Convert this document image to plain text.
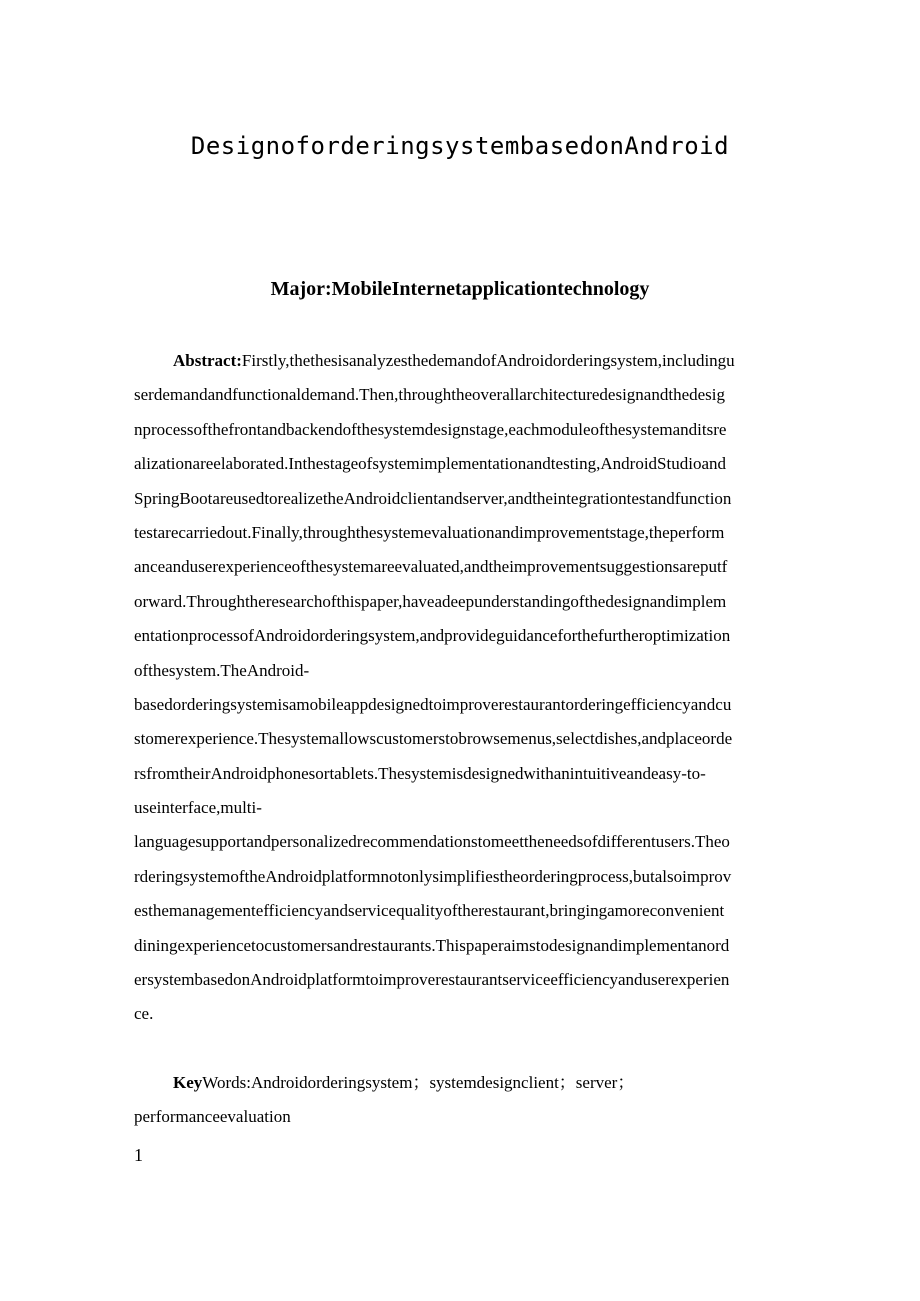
DesignoforderingsystembasedonAndroid
Major:MobileInternetapplicationtechnology
Abstract:Firstly,thethesisanalyzesthedemandofAndroidorderingsystem,includingu
serdemandandfunctionaldemand.Then,throughtheoverallarchitecturedesignandthedesig
nprocessofthefrontandbackendofthesystemdesignstage,eachmoduleofthesystemanditsre
alizationareelaborated.Inthestageofsystemimplementationandtesting,AndroidStudioand
SpringBootareusedtorealizetheAndroidclientandserver,andtheintegrationtestandfunction
testarecarriedout.Finally,throughthesystemevaluationandimprovementstage,theperform
anceanduserexperienceofthesystemareevaluated,andtheimprovementsuggestionsareputf
orward.Throughtheresearchofthispaper,haveadeepunderstandingofthedesignandimplem
entationprocessofAndroidorderingsystem,andprovideguidanceforthefurtheroptimization
ofthesystem.TheAndroid-
basedorderingsystemisamobileappdesignedtoimproverestaurantorderingefficiencyandcu
stomerexperience.Thesystemallowscustomerstobrowsemenus,selectdishes,andplaceorde
rsfromtheirAndroidphonesortablets.Thesystemisdesignedwithanintuitiveandeasy-to-
useinterface,multi-
languagesupportandpersonalizedrecommendationstomeettheneedsofdifferentusers.Theo
rderingsystemoftheAndroidplatformnotonlysimplifiestheorderingprocess,butalsoimprov
esthemanagementefficiencyandservicequalityoftherestaurant,bringingamoreconvenient
diningexperiencetocustomersandrestaurants.Thispaperaimstodesignandimplementanord
ersystembasedonAndroidplatformtoimproverestaurantserviceefficiencyanduserexperien
ce.
KeyWords:Androidorderingsystem；systemdesignclient；server；
performanceevaluation
1
